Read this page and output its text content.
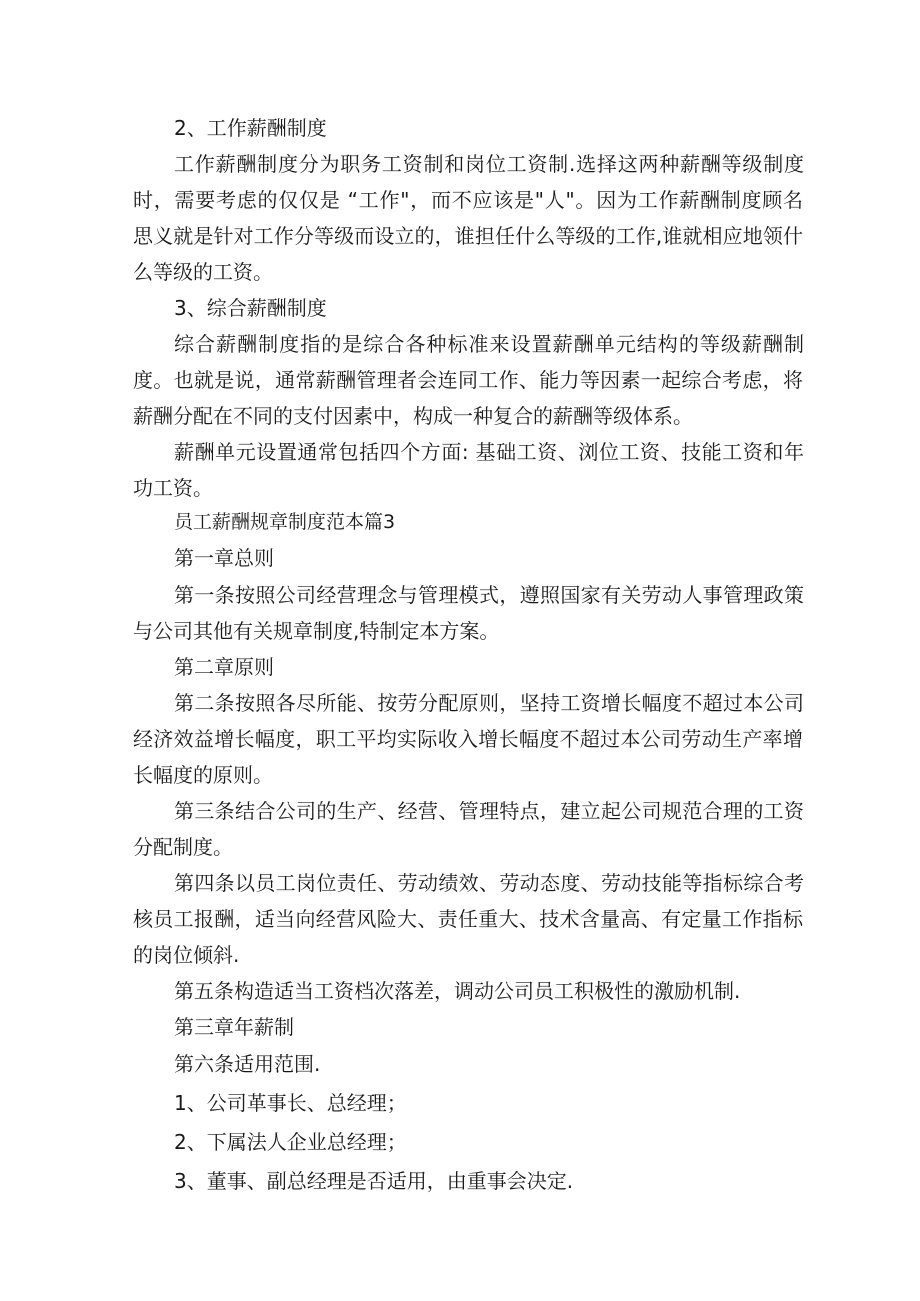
2、工作薪酬制度
工作薪酬制度分为职务工资制和岗位工资制.选择这两种薪酬等级制度
时，需要考虑的仅仅是 “工作"，而不应该是"人"。因为工作薪酬制度顾名
思义就是针对工作分等级而设立的，谁担任什么等级的工作,谁就相应地领什
么等级的工资。
3、综合薪酬制度
综合薪酬制度指的是综合各种标准来设置薪酬单元结构的等级薪酬制
度。也就是说，通常薪酬管理者会连同工作、能力等因素一起综合考虑，将
薪酬分配在不同的支付因素中，构成一种复合的薪酬等级体系。
薪酬单元设置通常包括四个方面: 基础工资、浏位工资、技能工资和年
功工资。
员工薪酬规章制度范本篇3
第一章总则
第一条按照公司经营理念与管理模式，遵照国家有关劳动人事管理政策
与公司其他有关规章制度,特制定本方案。
第二章原则
第二条按照各尽所能、按劳分配原则，坚持工资增长幅度不超过本公司
经济效益增长幅度，职工平均实际收入增长幅度不超过本公司劳动生产率增
长幅度的原则。
第三条结合公司的生产、经营、管理特点，建立起公司规范合理的工资
分配制度。
第四条以员工岗位责任、劳动绩效、劳动态度、劳动技能等指标综合考
核员工报酬，适当向经营风险大、责任重大、技术含量高、有定量工作指标
的岗位倾斜.
第五条构造适当工资档次落差，调动公司员工积极性的激励机制.
第三章年薪制
第六条适用范围.
1、公司革事长、总经理；
2、下属法人企业总经理；
3、董事、副总经理是否适用，由重事会决定.
